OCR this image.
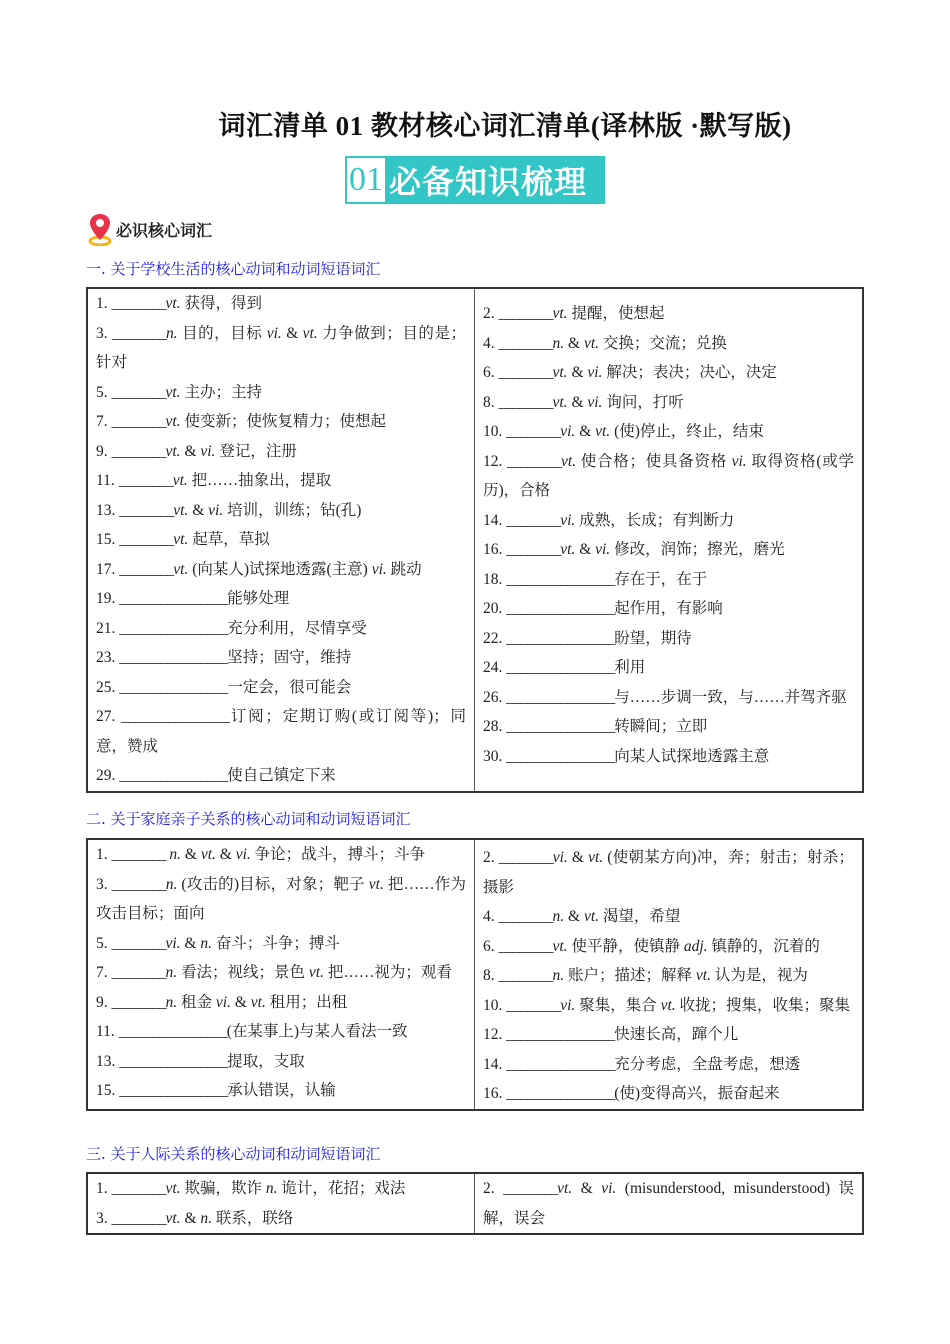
词汇清单 01 教材核心词汇清单(译林版 ·默写版)
01 必备知识梳理
必识核心词汇
一. 关于学校生活的核心动词和动词短语词汇
1. ________vt. 获得，得到
3. ________n. 目的，目标 vi. & vt. 力争做到；目的是；针对
5. ________vt. 主办；主持
7. ________vt. 使变新；使恢复精力；使想起
9. ________vt. & vi. 登记，注册
11. ________vt. 把……抽象出，提取
13. ________vt. & vi. 培训，训练；钻(孔)
15. ________vt. 起草，草拟
17. ________vt. (向某人)试探地透露(主意) vi. 跳动
19. ________________能够处理
21. ________________充分利用，尽情享受
23. ________________坚持；固守，维持
25. ________________一定会，很可能会
27. ________________订阅；定期订购(或订阅等)；同意，赞成
29. ________________使自己镇定下来
2. ________vt. 提醒，使想起
4. ________n. & vt. 交换；交流；兑换
6. ________vt. & vi. 解决；表决；决心，决定
8. ________vt. & vi. 询问，打听
10. ________vi. & vt. (使)停止，终止，结束
12. ________vt. 使合格；使具备资格 vi. 取得资格(或学历)，合格
14. ________vi. 成熟，长成；有判断力
16. ________vt. & vi. 修改，润饰；擦光，磨光
18. ________________存在于，在于
20. ________________起作用，有影响
22. ________________盼望，期待
24. ________________利用
26. ________________与……步调一致，与……并驾齐驱
28. ________________转瞬间；立即
30. ________________向某人试探地透露主意
二. 关于家庭亲子关系的核心动词和动词短语词汇
1. ________ n. & vt. & vi. 争论；战斗，搏斗；斗争
3. ________n. (攻击的)目标，对象；靶子 vt. 把……作为攻击目标；面向
5. ________vi. & n. 奋斗；斗争；搏斗
7. ________n. 看法；视线；景色 vt. 把……视为；观看
9. ________n. 租金 vi. & vt. 租用；出租
11. ________________(在某事上)与某人看法一致
13. ________________提取，支取
15. ________________承认错误，认输
2. ________vi. & vt. (使朝某方向)冲，奔；射击；射杀；摄影
4. ________n. & vt. 渴望，希望
6. ________vt. 使平静，使镇静 adj. 镇静的，沉着的
8. ________n. 账户；描述；解释 vt. 认为是，视为
10. ________vi. 聚集，集合 vt. 收拢；搜集，收集；聚集
12. ________________快速长高，蹿个儿
14. ________________充分考虑，全盘考虑，想透
16. ________________(使)变得高兴，振奋起来
三. 关于人际关系的核心动词和动词短语词汇
1. ________vt. 欺骗，欺诈 n. 诡计，花招；戏法
3. ________vt. & n. 联系，联络
2. ________vt. & vi. (misunderstood, misunderstood) 误解，误会
